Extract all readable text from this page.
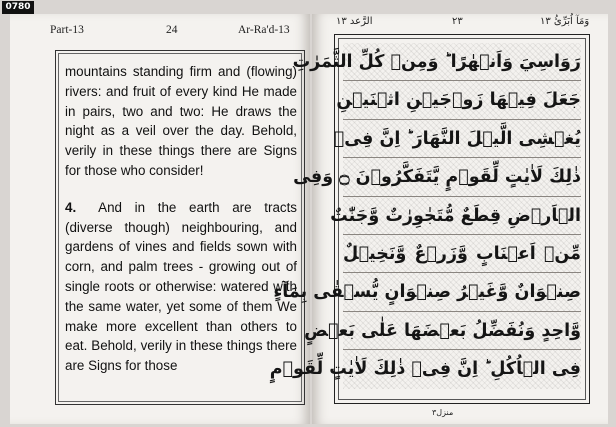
0780
Part-13	24	Ar-Ra'd-13

mountains standing firm and (flowing) rivers: and fruit of every kind He made in pairs, two and two: He draws the night as a veil over the day. Behold, verily in these things there are Signs for those who consider!

4. And in the earth are tracts (diverse though) neighbouring, and gardens of vines and fields sown with corn, and palm trees - growing out of single roots or otherwise: watered with the same water, yet some of them We make more excellent than others to eat. Behold, verily in these things there are Signs for those

وَمَآ اُبَرِّئُ ١٣
٢٣
الرَّعد ١٣
رَوَاسِيَ وَاَنۡهٰرًا ؕ وَمِنۡ كُلِّ الثَّمَرٰتِ
جَعَلَ فِيۡهَا زَوۡجَيۡنِ اثۡنَيۡنِ
يُغۡشِى الَّيۡلَ النَّهَارَ ؕ اِنَّ فِىۡ
ذٰلِكَ لَاٰيٰتٍ لِّقَوۡمٍ يَّتَفَكَّرُوۡنَ ۝ وَفِى
الۡاَرۡضِ قِطَعٌ مُّتَجٰوِرٰتٌ وَّجَنّٰتٌ
مِّنۡ اَعۡنَابٍ وَّزَرۡعٌ وَّنَخِيۡلٌ
صِنۡوَانٌ وَّغَيۡرُ صِنۡوَانٍ يُّسۡقٰى بِمَآءٍ
وَّاحِدٍ وَنُفَضِّلُ بَعۡضَهَا عَلٰى بَعۡضٍ
فِى الۡاُكُلِ ؕ اِنَّ فِىۡ ذٰلِكَ لَاٰيٰتٍ لِّقَوۡمٍ
منزل٣
